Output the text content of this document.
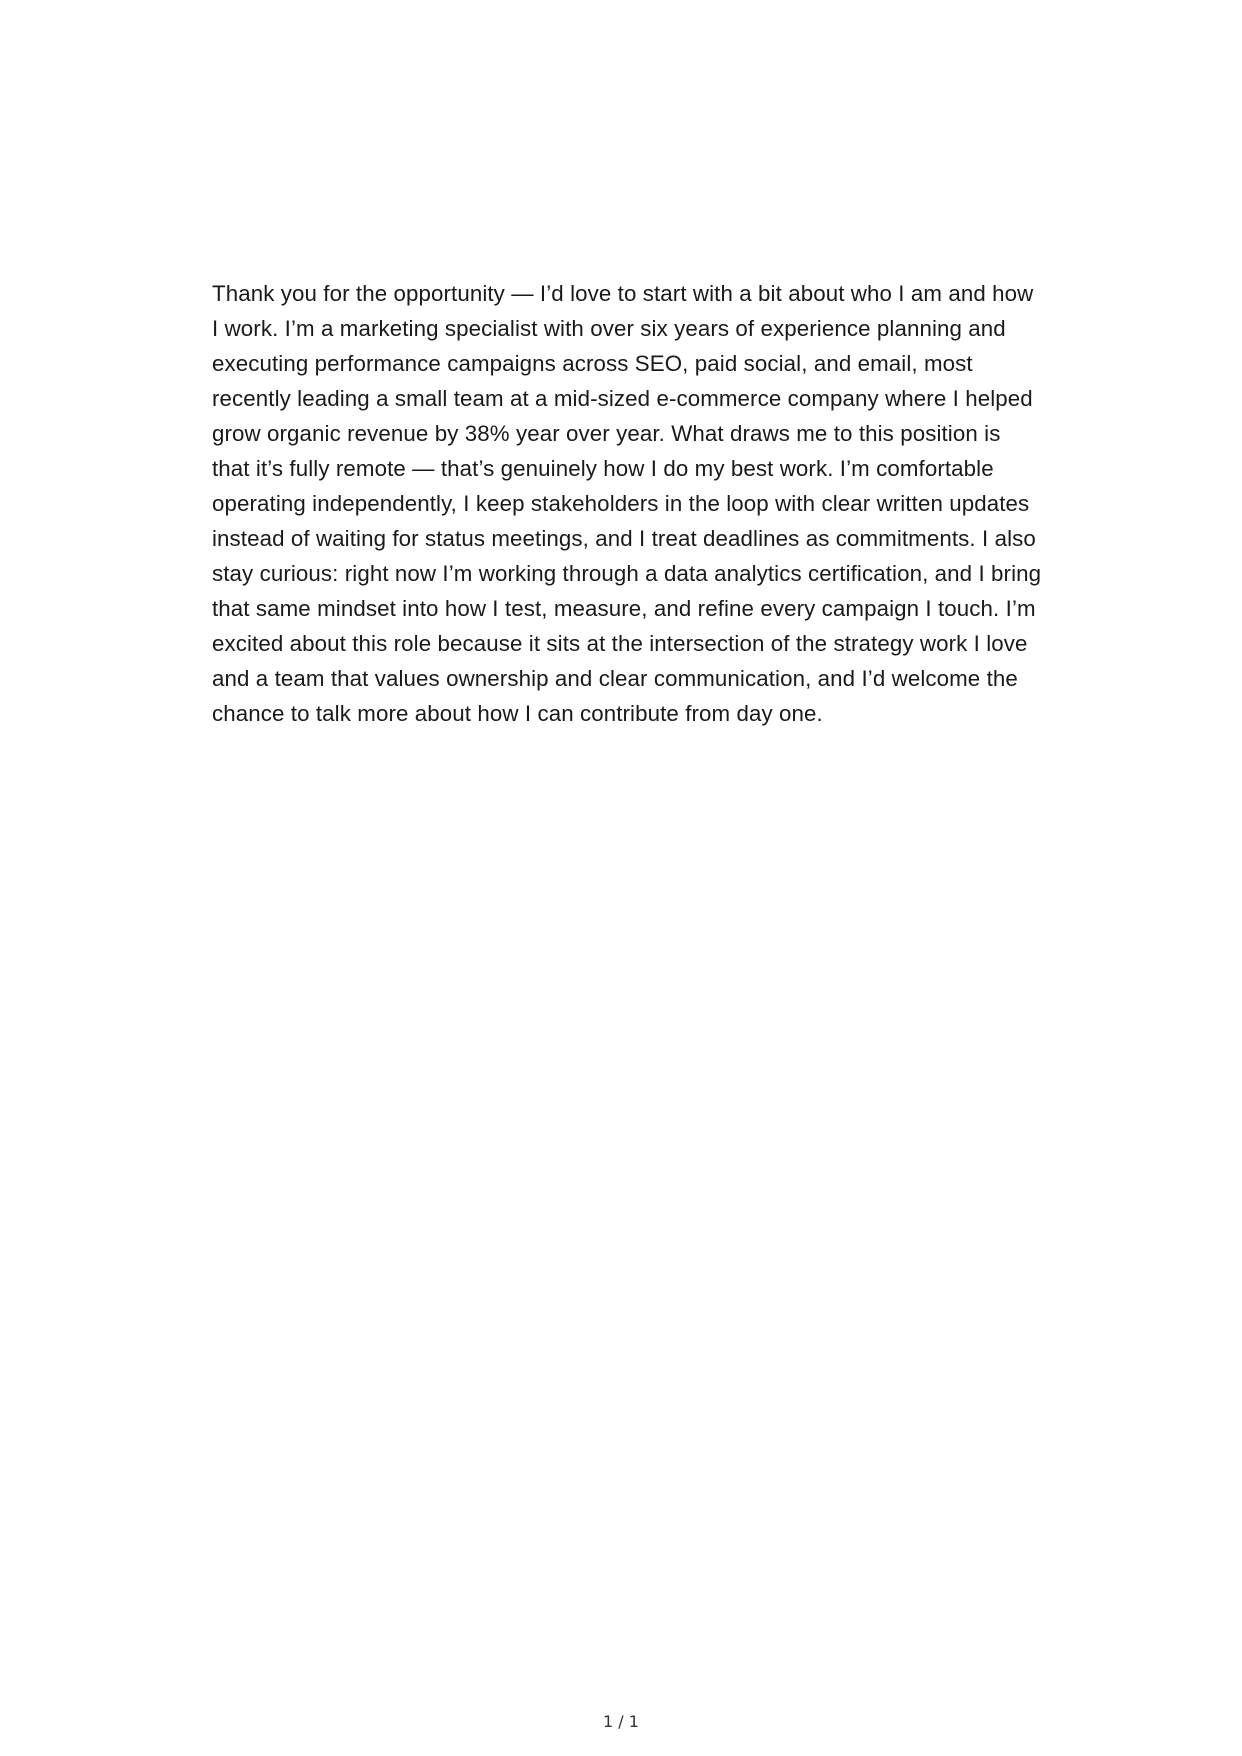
Thank you for the opportunity — I’d love to start with a bit about who I am and how I work. I’m a marketing specialist with over six years of experience planning and executing performance campaigns across SEO, paid social, and email, most recently leading a small team at a mid-sized e-commerce company where I helped grow organic revenue by 38% year over year. What draws me to this position is that it’s fully remote — that’s genuinely how I do my best work. I’m comfortable operating independently, I keep stakeholders in the loop with clear written updates instead of waiting for status meetings, and I treat deadlines as commitments. I also stay curious: right now I’m working through a data analytics certification, and I bring that same mindset into how I test, measure, and refine every campaign I touch. I’m excited about this role because it sits at the intersection of the strategy work I love and a team that values ownership and clear communication, and I’d welcome the chance to talk more about how I can contribute from day one.

1 / 1
